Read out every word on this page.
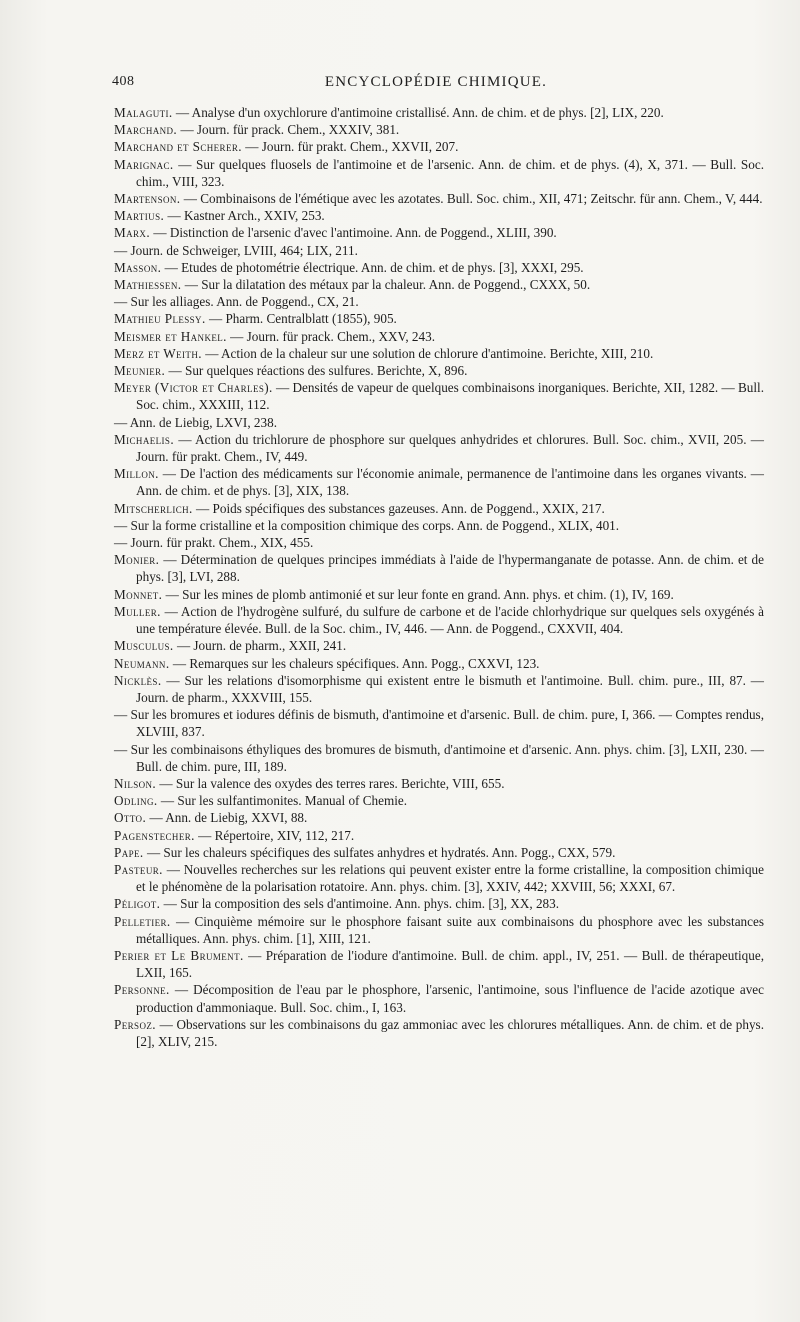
408	ENCYCLOPÉDIE CHIMIQUE.

Malaguti. — Analyse d'un oxychlorure d'antimoine cristallisé. Ann. de chim. et de phys. [2], LIX, 220.

Marchand. — Journ. für prack. Chem., XXXIV, 381.

Marchand et Scherer. — Journ. für prakt. Chem., XXVII, 207.

Marignac. — Sur quelques fluosels de l'antimoine et de l'arsenic. Ann. de chim. et de phys. (4), X, 371. — Bull. Soc. chim., VIII, 323.

Martenson. — Combinaisons de l'émétique avec les azotates. Bull. Soc. chim., XII, 471; Zeitschr. für ann. Chem., V, 444.

Martius. — Kastner Arch., XXIV, 253.

Marx. — Distinction de l'arsenic d'avec l'antimoine. Ann. de Poggend., XLIII, 390.

— Journ. de Schweiger, LVIII, 464; LIX, 211.

Masson. — Etudes de photométrie électrique. Ann. de chim. et de phys. [3], XXXI, 295.

Mathiessen. — Sur la dilatation des métaux par la chaleur. Ann. de Poggend., CXXX, 50.

— Sur les alliages. Ann. de Poggend., CX, 21.

Mathieu Plessy. — Pharm. Centralblatt (1855), 905.

Meismer et Hankel. — Journ. für prack. Chem., XXV, 243.

Merz et Weith. — Action de la chaleur sur une solution de chlorure d'antimoine. Berichte, XIII, 210.

Meunier. — Sur quelques réactions des sulfures. Berichte, X, 896.

Meyer (Victor et Charles). — Densités de vapeur de quelques combinaisons inorganiques. Berichte, XII, 1282. — Bull. Soc. chim., XXXIII, 112.

— Ann. de Liebig, LXVI, 238.

Michaelis. — Action du trichlorure de phosphore sur quelques anhydrides et chlorures. Bull. Soc. chim., XVII, 205. — Journ. für prakt. Chem., IV, 449.

Millon. — De l'action des médicaments sur l'économie animale, permanence de l'antimoine dans les organes vivants. — Ann. de chim. et de phys. [3], XIX, 138.

Mitscherlich. — Poids spécifiques des substances gazeuses. Ann. de Poggend., XXIX, 217.

— Sur la forme cristalline et la composition chimique des corps. Ann. de Poggend., XLIX, 401.

— Journ. für prakt. Chem., XIX, 455.

Monier. — Détermination de quelques principes immédiats à l'aide de l'hypermanganate de potasse. Ann. de chim. et de phys. [3], LVI, 288.

Monnet. — Sur les mines de plomb antimonié et sur leur fonte en grand. Ann. phys. et chim. (1), IV, 169.

Muller. — Action de l'hydrogène sulfuré, du sulfure de carbone et de l'acide chlorhydrique sur quelques sels oxygénés à une température élevée. Bull. de la Soc. chim., IV, 446. — Ann. de Poggend., CXXVII, 404.

Musculus. — Journ. de pharm., XXII, 241.

Neumann. — Remarques sur les chaleurs spécifiques. Ann. Pogg., CXXVI, 123.

Nicklès. — Sur les relations d'isomorphisme qui existent entre le bismuth et l'antimoine. Bull. chim. pure., III, 87. — Journ. de pharm., XXXVIII, 155.

— Sur les bromures et iodures définis de bismuth, d'antimoine et d'arsenic. Bull. de chim. pure, I, 366. — Comptes rendus, XLVIII, 837.

— Sur les combinaisons éthyliques des bromures de bismuth, d'antimoine et d'arsenic. Ann. phys. chim. [3], LXII, 230. — Bull. de chim. pure, III, 189.

Nilson. — Sur la valence des oxydes des terres rares. Berichte, VIII, 655.

Odling. — Sur les sulfantimonites. Manual of Chemie.

Otto. — Ann. de Liebig, XXVI, 88.

Pagenstecher. — Répertoire, XIV, 112, 217.

Pape. — Sur les chaleurs spécifiques des sulfates anhydres et hydratés. Ann. Pogg., CXX, 579.

Pasteur. — Nouvelles recherches sur les relations qui peuvent exister entre la forme cristalline, la composition chimique et le phénomène de la polarisation rotatoire. Ann. phys. chim. [3], XXIV, 442; XXVIII, 56; XXXI, 67.

Péligot. — Sur la composition des sels d'antimoine. Ann. phys. chim. [3], XX, 283.

Pelletier. — Cinquième mémoire sur le phosphore faisant suite aux combinaisons du phosphore avec les substances métalliques. Ann. phys. chim. [1], XIII, 121.

Perier et Le Brument. — Préparation de l'iodure d'antimoine. Bull. de chim. appl., IV, 251. — Bull. de thérapeutique, LXII, 165.

Personne. — Décomposition de l'eau par le phosphore, l'arsenic, l'antimoine, sous l'influence de l'acide azotique avec production d'ammoniaque. Bull. Soc. chim., I, 163.

Persoz. — Observations sur les combinaisons du gaz ammoniac avec les chlorures métalliques. Ann. de chim. et de phys. [2], XLIV, 215.
